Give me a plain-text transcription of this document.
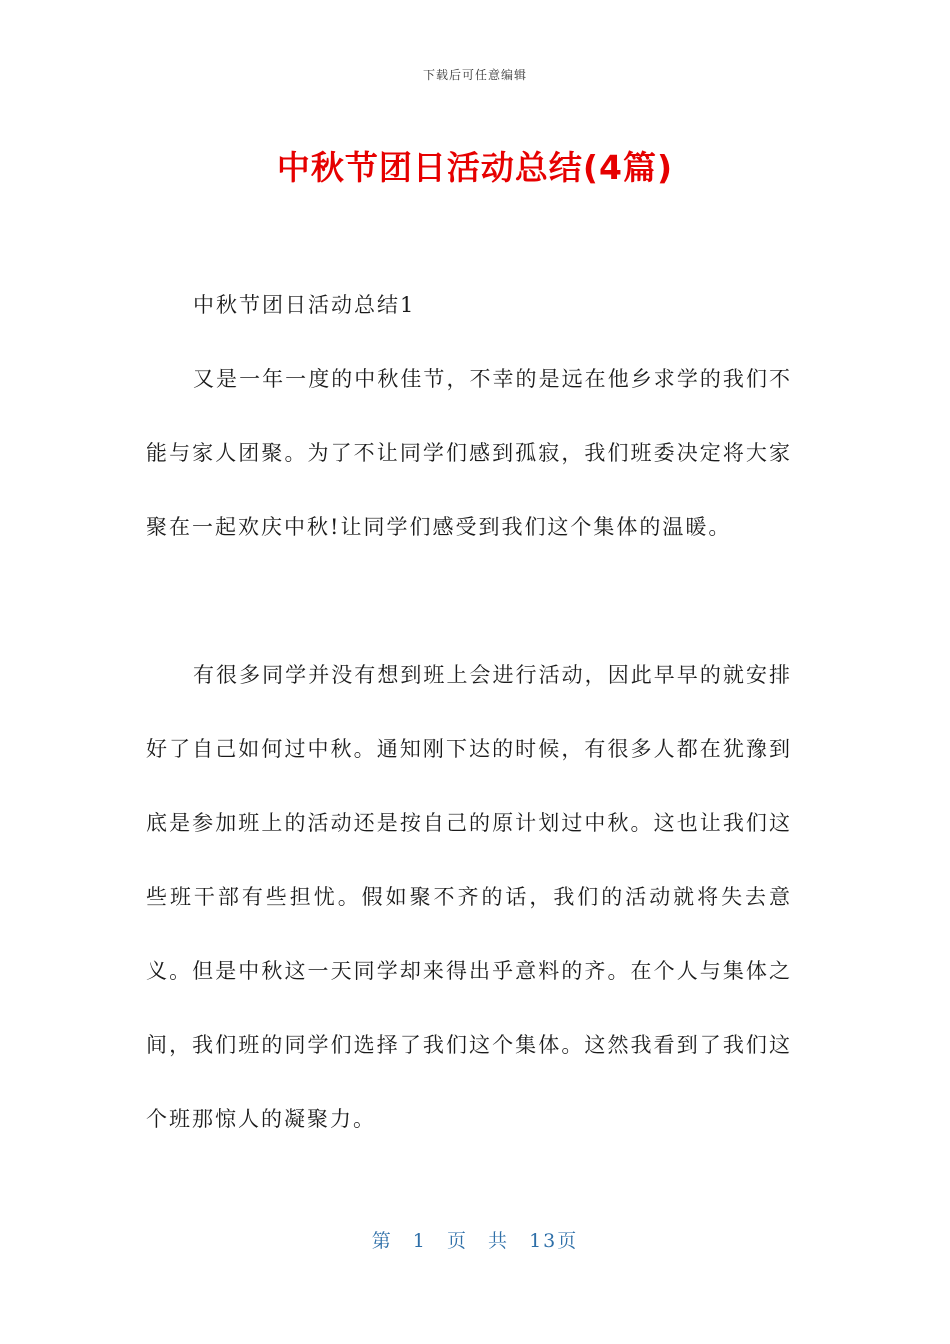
下载后可任意编辑
中秋节团日活动总结(4篇)

中秋节团日活动总结1

又是一年一度的中秋佳节，不幸的是远在他乡求学的我们不能与家人团聚。为了不让同学们感到孤寂，我们班委决定将大家聚在一起欢庆中秋!让同学们感受到我们这个集体的温暖。

有很多同学并没有想到班上会进行活动，因此早早的就安排好了自己如何过中秋。通知刚下达的时候，有很多人都在犹豫到底是参加班上的活动还是按自己的原计划过中秋。这也让我们这些班干部有些担忧。假如聚不齐的话，我们的活动就将失去意义。但是中秋这一天同学却来得出乎意料的齐。在个人与集体之间，我们班的同学们选择了我们这个集体。这然我看到了我们这个班那惊人的凝聚力。

第 1 页 共 13页
